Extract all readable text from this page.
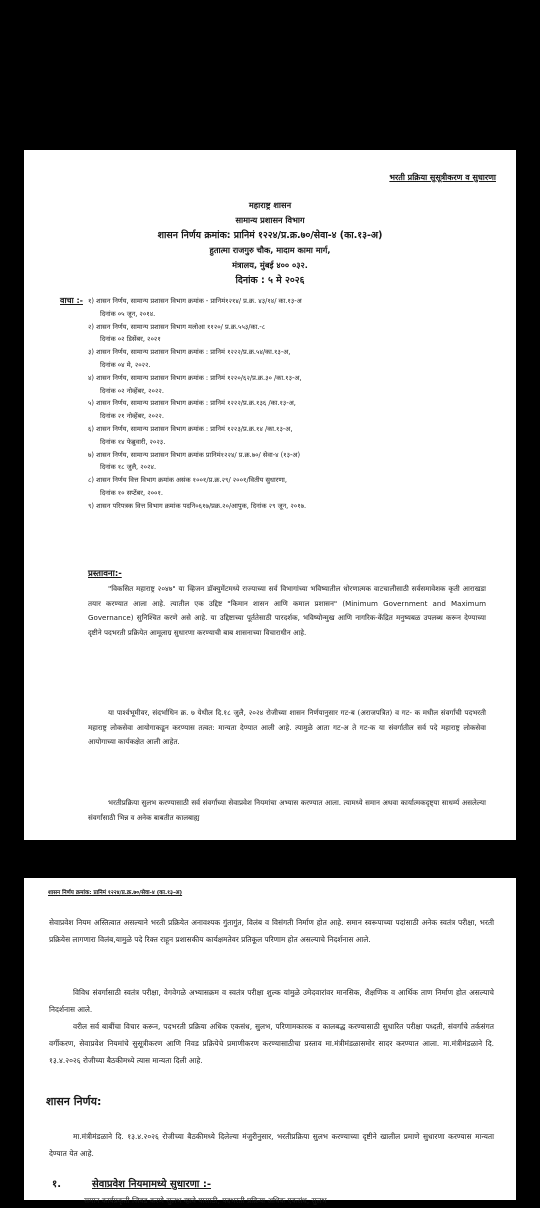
भरती प्रक्रिया सुसूत्रीकरण व सुधारणा
महाराष्ट्र शासन
सामान्य प्रशासन विभाग
शासन निर्णय क्रमांक: प्रानिमं १२२४/प्र.क्र.७०/सेवा-४ (का.१३-अ)
हुतात्मा राजगुरु चौक, मादाम कामा मार्ग,
मंत्रालय, मुंबई ४०० ०३२.
दिनांक : ५ मे २०२६
वाचा :- १) शासन निर्णय, सामान्य प्रशासन विभाग क्रमांक - प्रानिमं१२१४/ प्र.क्र. ४३/१४/ का.१३-अ
दिनांक ०५ जून, २०१४.
२) शासन निर्णय, सामान्य प्रशासन विभाग मलोआ ११२०/ प्र.क्र.५५३/का.-८
दिनांक ०२ डिसेंबर, २०२१
३) शासन निर्णय, सामान्य प्रशासन विभाग क्रमांक : प्रानिमं १२२२/प्र.क्र.५४/का.१३-अ,
दिनांक ०४ मे, २०२२.
४) शासन निर्णय, सामान्य प्रशासन विभाग क्रमांक : प्रानिमं १२२०/६२/प्र.क्र.३० /का.१३-अ,
दिनांक ०२ नोव्हेंबर, २०२२.
५) शासन निर्णय, सामान्य प्रशासन विभाग क्रमांक : प्रानिमं १२२२/प्र.क्र.१३६ /का.१३-अ,
दिनांक २१ नोव्हेंबर, २०२२.
६) शासन निर्णय, सामान्य प्रशासन विभाग क्रमांक : प्रानिमं १२२३/प्र.क्र.१४ /का.१३-अ,
दिनांक १४ फेब्रुवारी, २०२३.
७) शासन निर्णय, सामान्य प्रशासन विभाग क्रमांक प्रानिमं१२२४/ प्र.क्र.७०/ सेवा-४ (१३-अ)
दिनांक १८ जुलै, २०२४.
८) शासन निर्णय वित्त विभाग क्रमांक असंक १००१/प्र.क्र.२९/ २००१/वितीय सुधारणा,
दिनांक १० सप्टेंबर, २००१.
९) शासन परिपत्रक वित्त विभाग क्रमांक पदनि०६१७/प्रक्र.२०/आपुक, दिनांक २९ जून, २०१७.
प्रस्तावना:-
"विकसित महाराष्ट्र २०४७" या व्हिजन डॉक्युमेंटमध्ये राज्याच्या सर्व विभागांच्या भविष्यातील धोरणात्मक वाटचालीसाठी सर्वसमावेशक कृती आराखडा तयार करण्यात आला आहे. त्यातील एक उद्दिष्ट "किमान शासन आणि कमाल प्रशासन" (Minimum Government and Maximum Governance) सुनिश्चित करणे असे आहे. या उद्दिष्टाच्या पूर्ततेसाठी पारदर्शक, भविष्योन्मुख आणि नागरिक-केंद्रित मनुष्यबळ उपलब्ध करून देण्याच्या दृष्टीने पदभरती प्रक्रियेत आमूलाग्र सुधारणा करण्याची बाब शासनाच्या विचाराधीन आहे.
या पार्श्वभूमीवर, संदर्भाधिन क्र. ७ येथील दि.१८ जुलै, २०२४ रोजीच्या शासन निर्णयानुसार गट-ब (अराजपत्रित) व गट- क मधील संवर्गांची पदभरती महाराष्ट्र लोकसेवा आयोगाकडून करण्यास तत्वत: मान्यता देण्यात आली आहे. त्यामुळे आता गट-अ ते गट-क या संवर्गातील सर्व पदे महाराष्ट्र लोकसेवा आयोगाच्या कार्यकक्षेत आली आहेत.
भरतीप्रक्रिया सुलभ करण्यासाठी सर्व संवर्गांच्या सेवाप्रवेश नियमांचा अभ्यास करण्यात आला. त्यामध्ये समान अथवा कार्यात्मकदृष्ट्या साधर्म्य असलेल्या संवर्गांसाठी भिन्न व अनेक बाबतीत कालबाह्य
शासन निर्णय क्रमांक: प्रानिमं १२२४/प्र.क्र.७०/सेवा-४ (का.१३-अ)
सेवाप्रवेश नियम अस्तित्वात असल्याने भरती प्रक्रियेत अनावश्यक गुंतागुंत, विलंब व विसंगती निर्माण होत आहे. समान स्वरूपाच्या पदांसाठी अनेक स्वतंत्र परीक्षा, भरती प्रक्रियेस लागणारा विलंब,यामुळे पदे रिक्त राहून प्रशासकीय कार्यक्षमतेवर प्रतिकूल परिणाम होत असल्याचे निदर्शनास आले.
विविध संवर्गासाठी स्वतंत्र परीक्षा, वेगवेगळे अभ्यासक्रम व स्वतंत्र परीक्षा शुल्क यांमुळे उमेदवारांवर मानसिक, शैक्षणिक व आर्थिक ताण निर्माण होत असल्याचे निदर्शनास आले.
वरील सर्व बाबींचा विचार करून, पदभरती प्रक्रिया अधिक एकसंध, सुलभ, परिणामकारक व कालबद्ध करण्यासाठी सुधारित परीक्षा पध्दती, संवर्गांचे तर्कसंगत वर्गीकरण, सेवाप्रवेश नियमांचे सुसूत्रीकरण आणि निवड प्रक्रियेचे प्रमाणीकरण करण्यासाठीचा प्रस्ताव मा.मंत्रीमंडळासमोर सादर करण्यात आला. मा.मंत्रीमंडळाने दि. १३.४.२०२६ रोजीच्या बैठकीमध्ये त्यास मान्यता दिली आहे.
शासन निर्णय:
मा.मंत्रीमंडळाने दि. १३.४.२०२६ रोजीच्या बैठकीमध्ये दिलेल्या मंजुरीनुसार, भरतीप्रक्रिया सुलभ करण्याच्या दृष्टीने खालील प्रमाणे सुधारणा करण्यास मान्यता देण्यात येत आहे.
१.	सेवाप्रवेश नियमामध्ये सुधारणा :-
समान कार्यप्रकृती जिवड करणे सुलभ व्हावे यासाठी, पदभरती प्रक्रिया अधिक एकसंध, सुलभ
